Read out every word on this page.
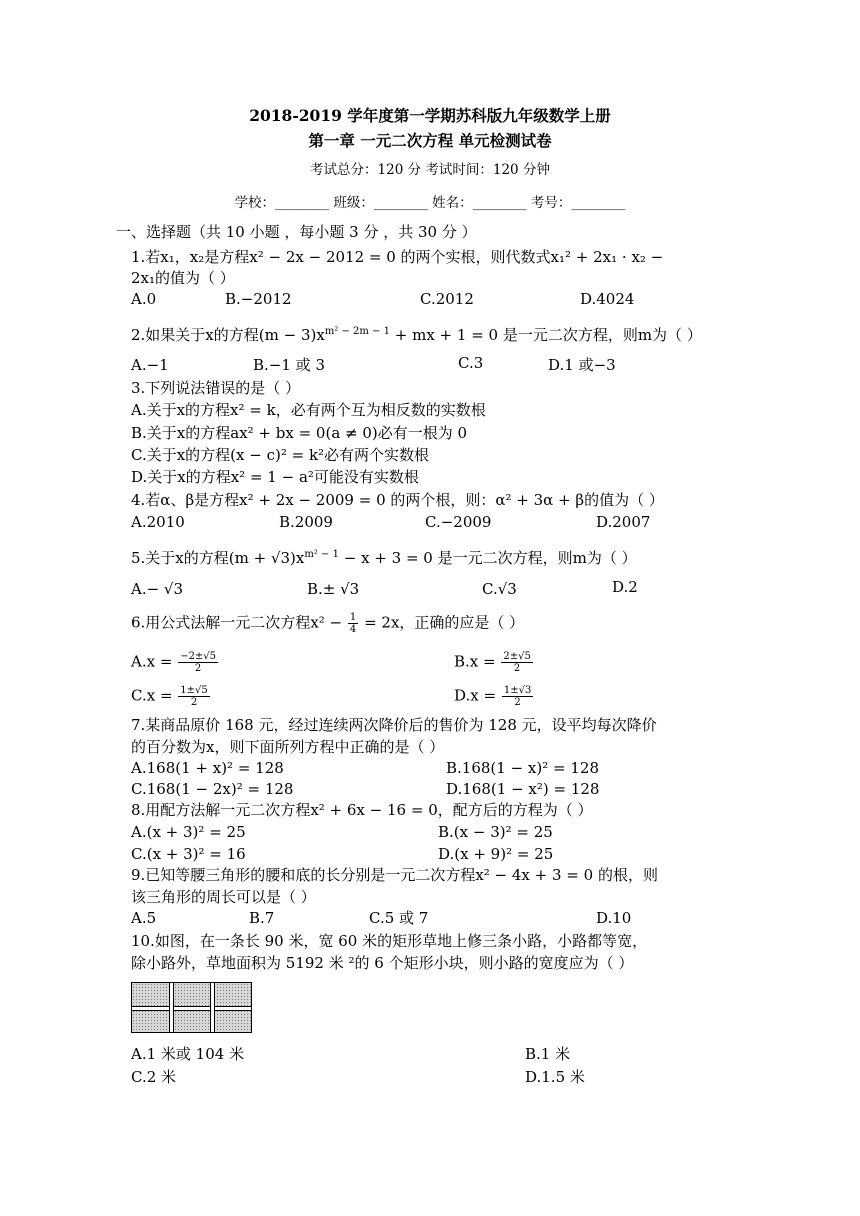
2018-2019 学年度第一学期苏科版九年级数学上册
第一章 一元二次方程 单元检测试卷
考试总分：120 分 考试时间：120 分钟
学校：________ 班级：________ 姓名：________ 考号：________
一、选择题（共 10 小题 ，每小题 3 分 ，共 30 分 ）
1.若x₁，x₂是方程x² − 2x − 2012 = 0 的两个实根，则代数式x₁² + 2x₁ · x₂ −
2x₁的值为（ ）
A.0	B.−2012	C.2012	D.4024
2.如果关于x的方程$(m - 3)x^{m^2 - 2m - 1}$ + mx + 1 = 0 是一元二次方程，则m为（ ）
A.−1	B.−1 或 3	C.3	D.1 或−3
3.下列说法错误的是（ ）
A.关于x的方程x² = k，必有两个互为相反数的实数根
B.关于x的方程ax² + bx = 0(a ≠ 0)必有一根为 0
C.关于x的方程(x − c)² = k²必有两个实数根
D.关于x的方程x² = 1 − a²可能没有实数根
4.若α、β是方程x² + 2x − 2009 = 0 的两个根，则：α² + 3α + β的值为（ ）
A.2010	B.2009	C.−2009	D.2007
5.关于x的方程$(m + √3)x^{m^2 - 1} - x + 3 = 0$ 是一元二次方程，则m为（ ）
A.− √3	B.± √3	C.√3	D.2
6.用公式法解一元二次方程$x^2 - \frac{1}{4} = 2x$，正确的应是（ ）
$A.x = \frac{-2\pm√5}{2}$	$B.x = \frac{2\pm√5}{2}$
$C.x = \frac{1\pm√5}{2}$	$D.x = \frac{1\pm√3}{2}$
7.某商品原价 168 元，经过连续两次降价后的售价为 128 元，设平均每次降价
的百分数为x，则下面所列方程中正确的是（ ）
A.168(1 + x)² = 128	B.168(1 − x)² = 128
C.168(1 − 2x)² = 128	D.168(1 − x²) = 128
8.用配方法解一元二次方程x² + 6x − 16 = 0，配方后的方程为（ ）
A.(x + 3)² = 25	B.(x − 3)² = 25
C.(x + 3)² = 16	D.(x + 9)² = 25
9.已知等腰三角形的腰和底的长分别是一元二次方程x² − 4x + 3 = 0 的根，则
该三角形的周长可以是（ ）
A.5	B.7	C.5 或 7	D.10
10.如图，在一条长 90 米，宽 60 米的矩形草地上修三条小路，小路都等宽，
除小路外，草地面积为 5192 米 ²的 6 个矩形小块，则小路的宽度应为（ ）
A.1 米或 104 米	B.1 米
C.2 米	D.1.5 米
